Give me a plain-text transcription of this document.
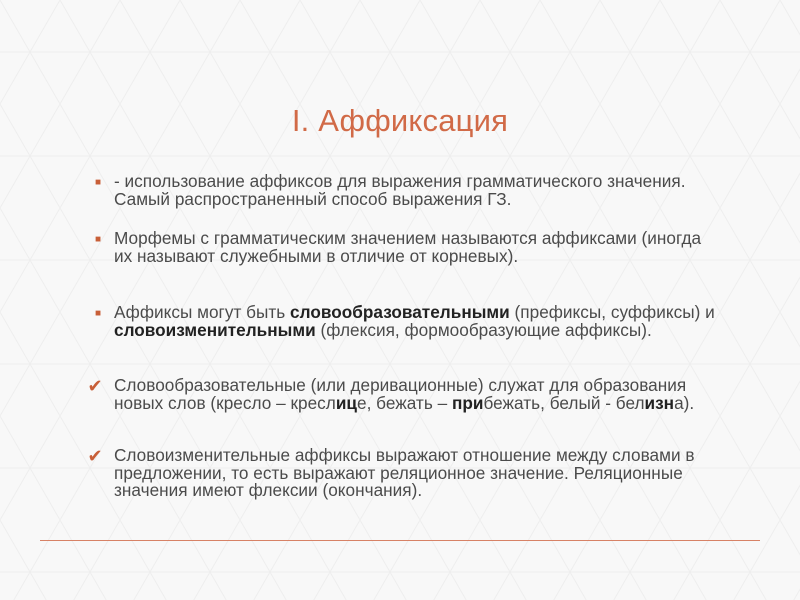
I. Аффиксация
■ - использование аффиксов для выражения грамматического значения. Самый распространенный способ выражения ГЗ.
■ Морфемы с грамматическим значением называются аффиксами (иногда их называют служебными в отличие от корневых).
■ Аффиксы могут быть словообразовательными (префиксы, суффиксы) и словоизменительными (флексия, формообразующие аффиксы).
✔ Словообразовательные (или деривационные) служат для образования новых слов (кресло – креслице, бежать – прибежать, белый - белизна).
✔ Словоизменительные аффиксы выражают отношение между словами в предложении, то есть выражают реляционное значение. Реляционные значения имеют флексии (окончания).
